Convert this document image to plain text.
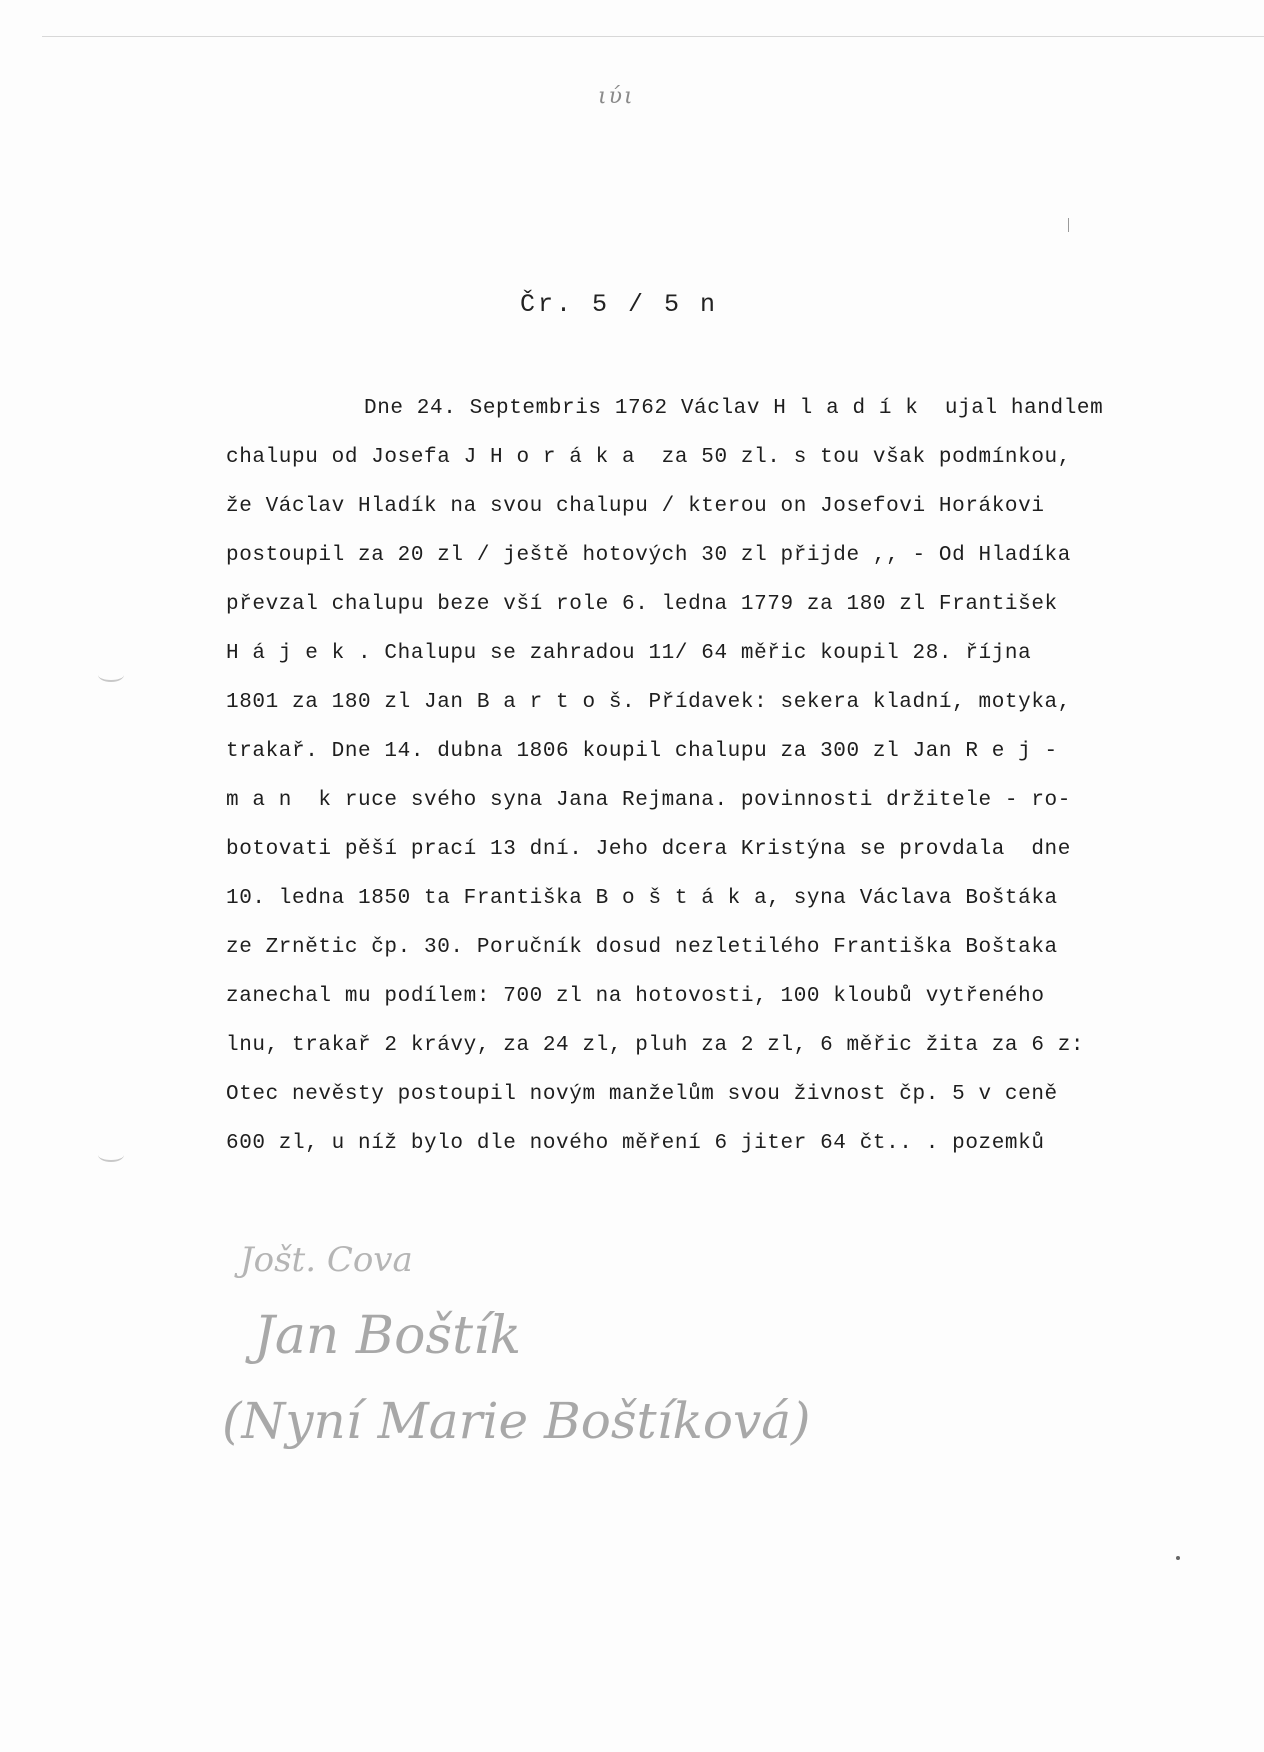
ιύι
Čr. 5 / 5 n
Dne 24. Septembris 1762 Václav H l a d í k  ujal handlem
chalupu od Josefa J H o r á k a  za 50 zl. s tou však podmínkou,
že Václav Hladík na svou chalupu / kterou on Josefovi Horákovi
postoupil za 20 zl / ještě hotových 30 zl přijde ,, - Od Hladíka
převzal chalupu beze vší role 6. ledna 1779 za 180 zl František
H á j e k . Chalupu se zahradou 11/ 64 měřic koupil 28. října
1801 za 180 zl Jan B a r t o š. Přídavek: sekera kladní, motyka,
trakař. Dne 14. dubna 1806 koupil chalupu za 300 zl Jan R e j -
m a n  k ruce svého syna Jana Rejmana. povinnosti držitele - ro-
botovati pěší prací 13 dní. Jeho dcera Kristýna se provdala  dne
10. ledna 1850 ta Františka B o š t á k a, syna Václava Boštáka
ze Zrnětic čp. 30. Poručník dosud nezletilého Františka Boštaka
zanechal mu podílem: 700 zl na hotovosti, 100 kloubů vytřeného
lnu, trakař 2 krávy, za 24 zl, pluh za 2 zl, 6 měřic žita za 6 z:
Otec nevěsty postoupil novým manželům svou živnost čp. 5 v ceně
600 zl, u níž bylo dle nového měření 6 jiter 64 čt.. . pozemků
Jošt. Cova
Jan Boštík
(Nyní Marie Boštíková)
